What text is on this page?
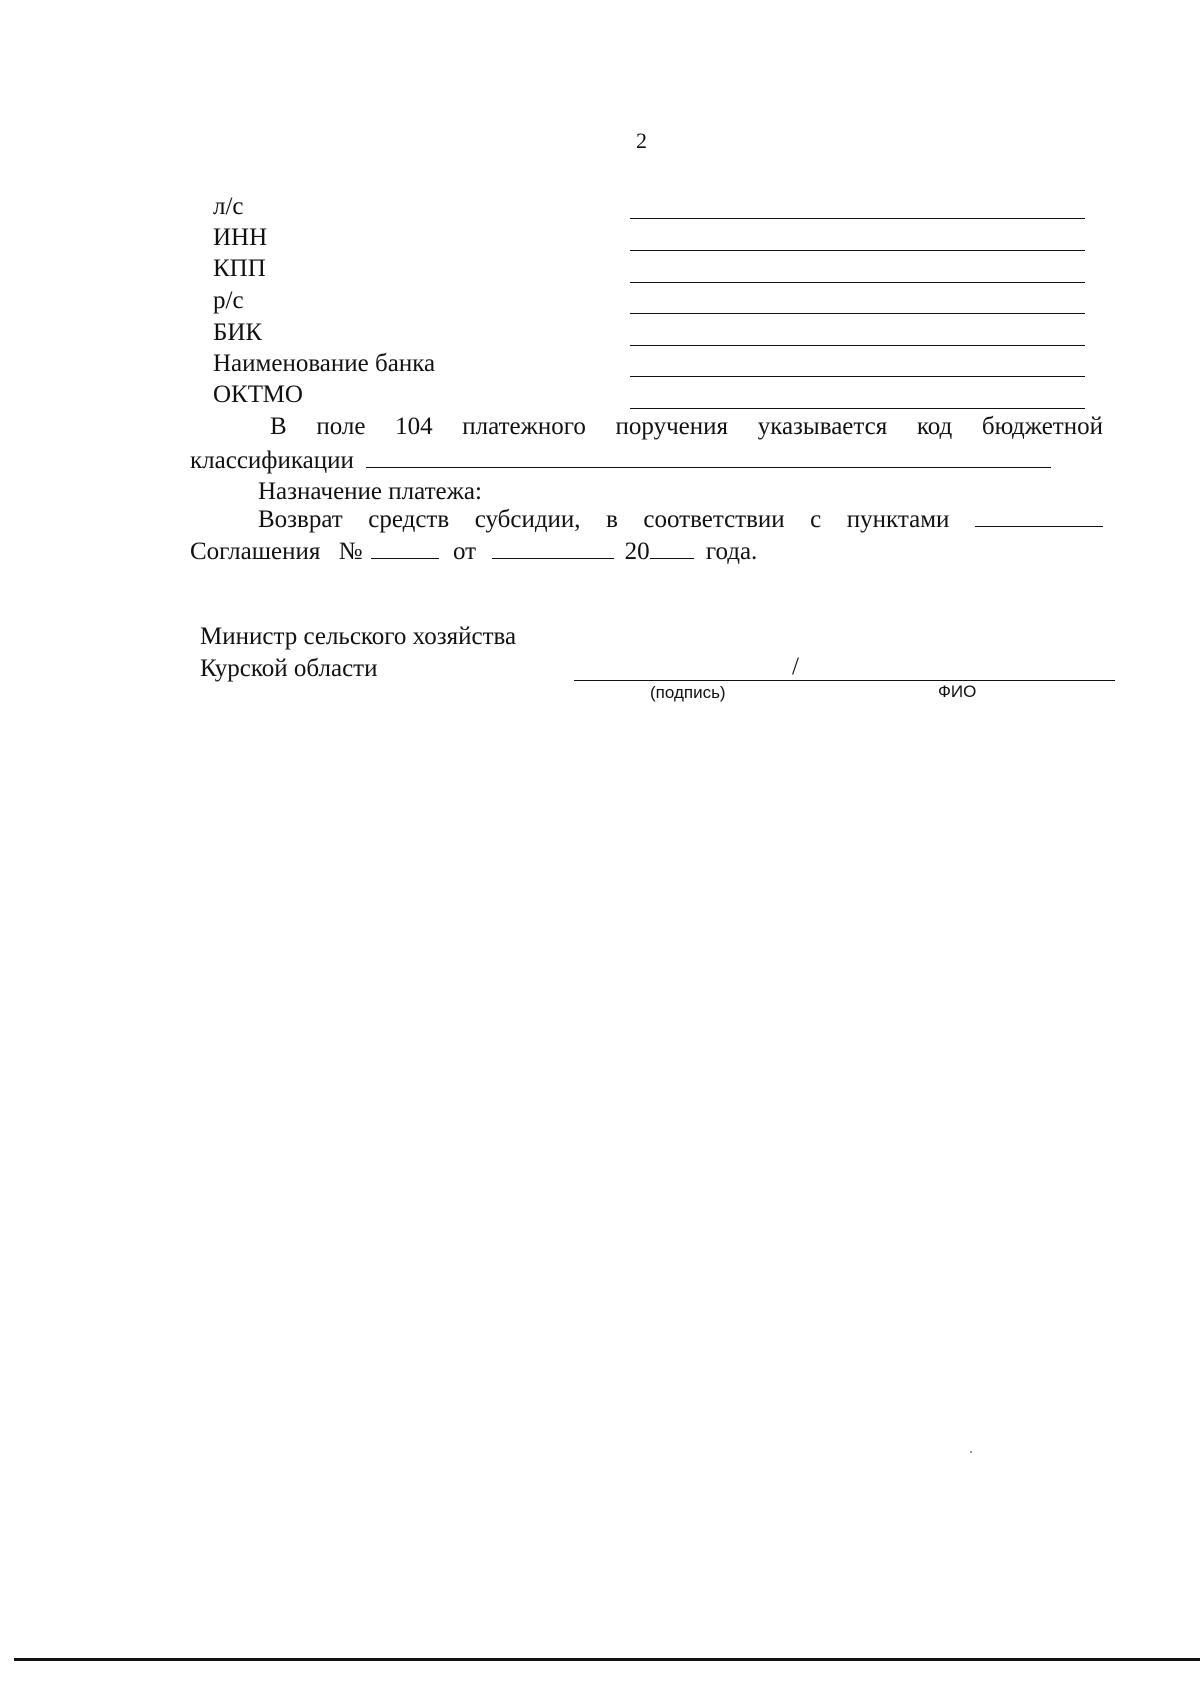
2
л/с
ИНН
КПП
р/с
БИК
Наименование банка
ОКТМО
В поле 104 платежного поручения указывается код бюджетной
классификации
Назначение платежа:
Возврат средств субсидии, в соответствии с пунктами
Соглашения №	от	20 года.
Министр сельского хозяйства
Курской области	/
(подпись)	ФИО
